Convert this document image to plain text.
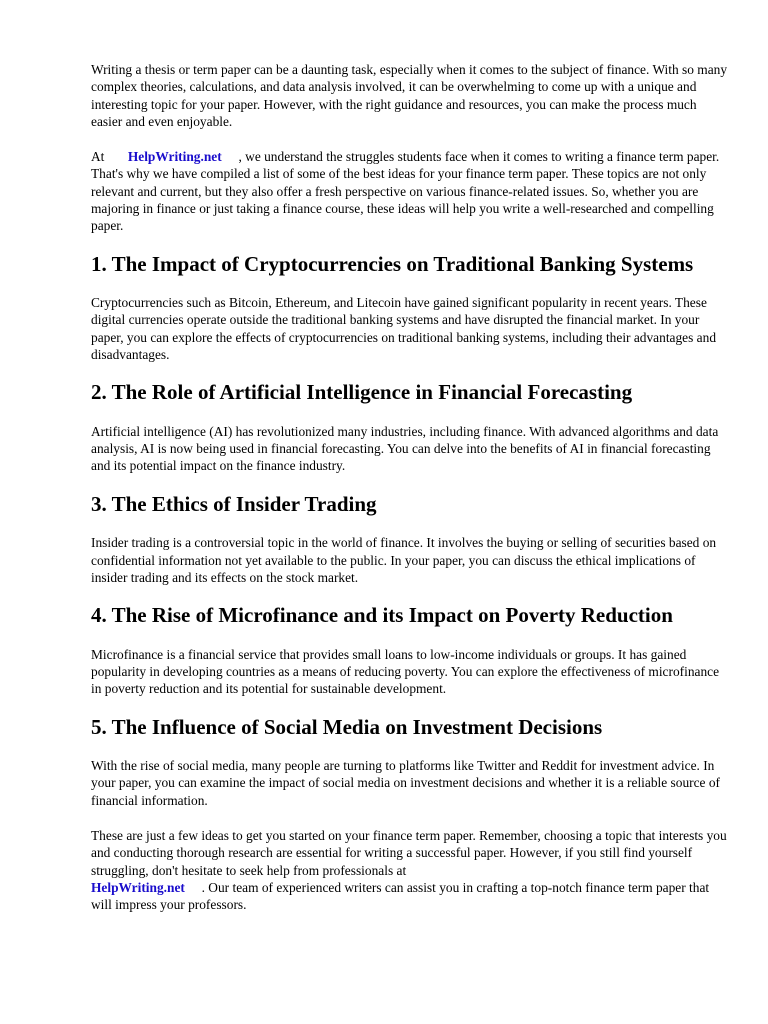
Writing a thesis or term paper can be a daunting task, especially when it comes to the subject of finance. With so many complex theories, calculations, and data analysis involved, it can be overwhelming to come up with a unique and interesting topic for your paper. However, with the right guidance and resources, you can make the process much easier and even enjoyable.

At HelpWriting.net , we understand the struggles students face when it comes to writing a finance term paper. That's why we have compiled a list of some of the best ideas for your finance term paper. These topics are not only relevant and current, but they also offer a fresh perspective on various finance-related issues. So, whether you are majoring in finance or just taking a finance course, these ideas will help you write a well-researched and compelling paper.

1. The Impact of Cryptocurrencies on Traditional Banking Systems

Cryptocurrencies such as Bitcoin, Ethereum, and Litecoin have gained significant popularity in recent years. These digital currencies operate outside the traditional banking systems and have disrupted the financial market. In your paper, you can explore the effects of cryptocurrencies on traditional banking systems, including their advantages and disadvantages.

2. The Role of Artificial Intelligence in Financial Forecasting

Artificial intelligence (AI) has revolutionized many industries, including finance. With advanced algorithms and data analysis, AI is now being used in financial forecasting. You can delve into the benefits of AI in financial forecasting and its potential impact on the finance industry.

3. The Ethics of Insider Trading

Insider trading is a controversial topic in the world of finance. It involves the buying or selling of securities based on confidential information not yet available to the public. In your paper, you can discuss the ethical implications of insider trading and its effects on the stock market.

4. The Rise of Microfinance and its Impact on Poverty Reduction

Microfinance is a financial service that provides small loans to low-income individuals or groups. It has gained popularity in developing countries as a means of reducing poverty. You can explore the effectiveness of microfinance in poverty reduction and its potential for sustainable development.

5. The Influence of Social Media on Investment Decisions

With the rise of social media, many people are turning to platforms like Twitter and Reddit for investment advice. In your paper, you can examine the impact of social media on investment decisions and whether it is a reliable source of financial information.

These are just a few ideas to get you started on your finance term paper. Remember, choosing a topic that interests you and conducting thorough research are essential for writing a successful paper. However, if you still find yourself struggling, don't hesitate to seek help from professionals at
HelpWriting.net . Our team of experienced writers can assist you in crafting a top-notch finance term paper that will impress your professors.
